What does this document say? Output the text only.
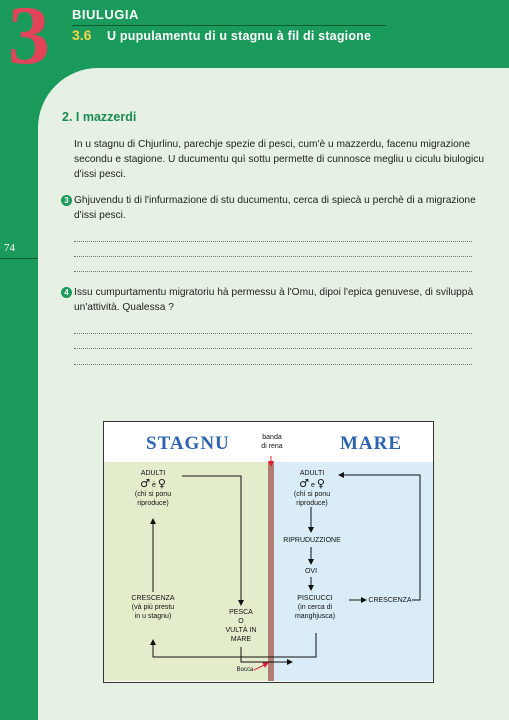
3 BIULUGIA
3.6 U pupulamentu di u stagnu à fil di stagione
74
2. I mazzerdi
In u stagnu di Chjurlinu, parechje spezie di pesci, cum'è u mazzerdu, facenu migrazione secondu e stagione. U ducumentu quì sottu permette di cunnosce megliu u ciculu biulogicu d'issi pesci.
3 Ghjuvendu ti di l'infurmazione di stu ducumentu, cerca di spiecà u perchè di a migrazione d'issi pesci.
4 Issu cumpurtamentu migratoriu hà permessu à l'Omu, dipoi l'epica genuvese, di sviluppà un'attività. Qualessa ?
STAGNU	MARE
banda
di rena
ADULTI
♂ è ♀
(chì si ponu
riproduce)
CRESCENZA
(và più prestu
in u stagnu)
PESCA
O
VULTÀ IN
MARE
ADULTI
♂ e ♀
(chì si ponu
riproduce)
RIPRUDUZZIONE
OVI
PISCIUCCI
(in cerca di
manghjusca)
CRESCENZA
Bocca
